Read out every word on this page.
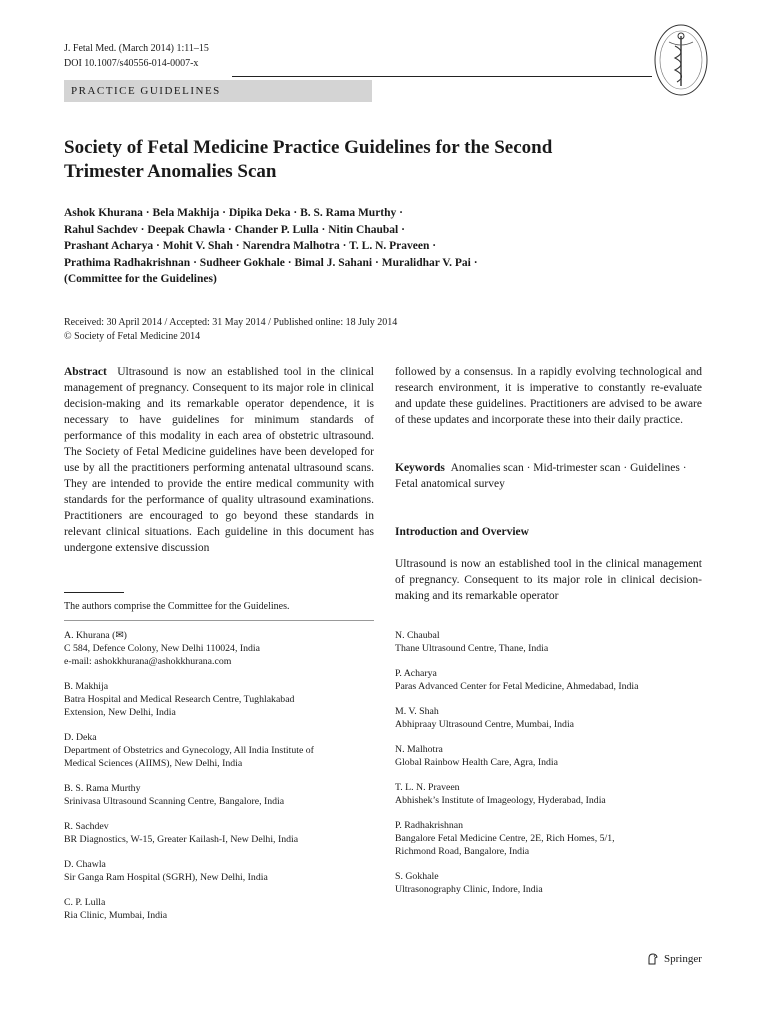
J. Fetal Med. (March 2014) 1:11–15
DOI 10.1007/s40556-014-0007-x
PRACTICE GUIDELINES
Society of Fetal Medicine Practice Guidelines for the Second
Trimester Anomalies Scan
Ashok Khurana · Bela Makhija · Dipika Deka · B. S. Rama Murthy ·
Rahul Sachdev · Deepak Chawla · Chander P. Lulla · Nitin Chaubal ·
Prashant Acharya · Mohit V. Shah · Narendra Malhotra · T. L. N. Praveen ·
Prathima Radhakrishnan · Sudheer Gokhale · Bimal J. Sahani · Muralidhar V. Pai ·
(Committee for the Guidelines)
Received: 30 April 2014 / Accepted: 31 May 2014 / Published online: 18 July 2014
© Society of Fetal Medicine 2014
Abstract Ultrasound is now an established tool in the clinical management of pregnancy. Consequent to its major role in clinical decision-making and its remarkable operator dependence, it is necessary to have guidelines for minimum standards of performance of this modality in each area of obstetric ultrasound. The Society of Fetal Medicine guidelines have been developed for use by all the practitioners performing antenatal ultrasound scans. They are intended to provide the entire medical community with standards for the performance of quality ultrasound examinations. Practitioners are encouraged to go beyond these standards in relevant clinical situations. Each guideline in this document has undergone extensive discussion
followed by a consensus. In a rapidly evolving technological and research environment, it is imperative to constantly re-evaluate and update these guidelines. Practitioners are advised to be aware of these updates and incorporate these into their daily practice.
Keywords Anomalies scan · Mid-trimester scan · Guidelines · Fetal anatomical survey
Introduction and Overview
Ultrasound is now an established tool in the clinical management of pregnancy. Consequent to its major role in clinical decision-making and its remarkable operator
The authors comprise the Committee for the Guidelines.
A. Khurana (✉)
C 584, Defence Colony, New Delhi 110024, India
e-mail: ashokkhurana@ashokkhurana.com
B. Makhija
Batra Hospital and Medical Research Centre, Tughlakabad
Extension, New Delhi, India
D. Deka
Department of Obstetrics and Gynecology, All India Institute of
Medical Sciences (AIIMS), New Delhi, India
B. S. Rama Murthy
Srinivasa Ultrasound Scanning Centre, Bangalore, India
R. Sachdev
BR Diagnostics, W-15, Greater Kailash-I, New Delhi, India
D. Chawla
Sir Ganga Ram Hospital (SGRH), New Delhi, India
C. P. Lulla
Ria Clinic, Mumbai, India
N. Chaubal
Thane Ultrasound Centre, Thane, India
P. Acharya
Paras Advanced Center for Fetal Medicine, Ahmedabad, India
M. V. Shah
Abhipraay Ultrasound Centre, Mumbai, India
N. Malhotra
Global Rainbow Health Care, Agra, India
T. L. N. Praveen
Abhishek’s Institute of Imageology, Hyderabad, India
P. Radhakrishnan
Bangalore Fetal Medicine Centre, 2E, Rich Homes, 5/1,
Richmond Road, Bangalore, India
S. Gokhale
Ultrasonography Clinic, Indore, India
Springer
